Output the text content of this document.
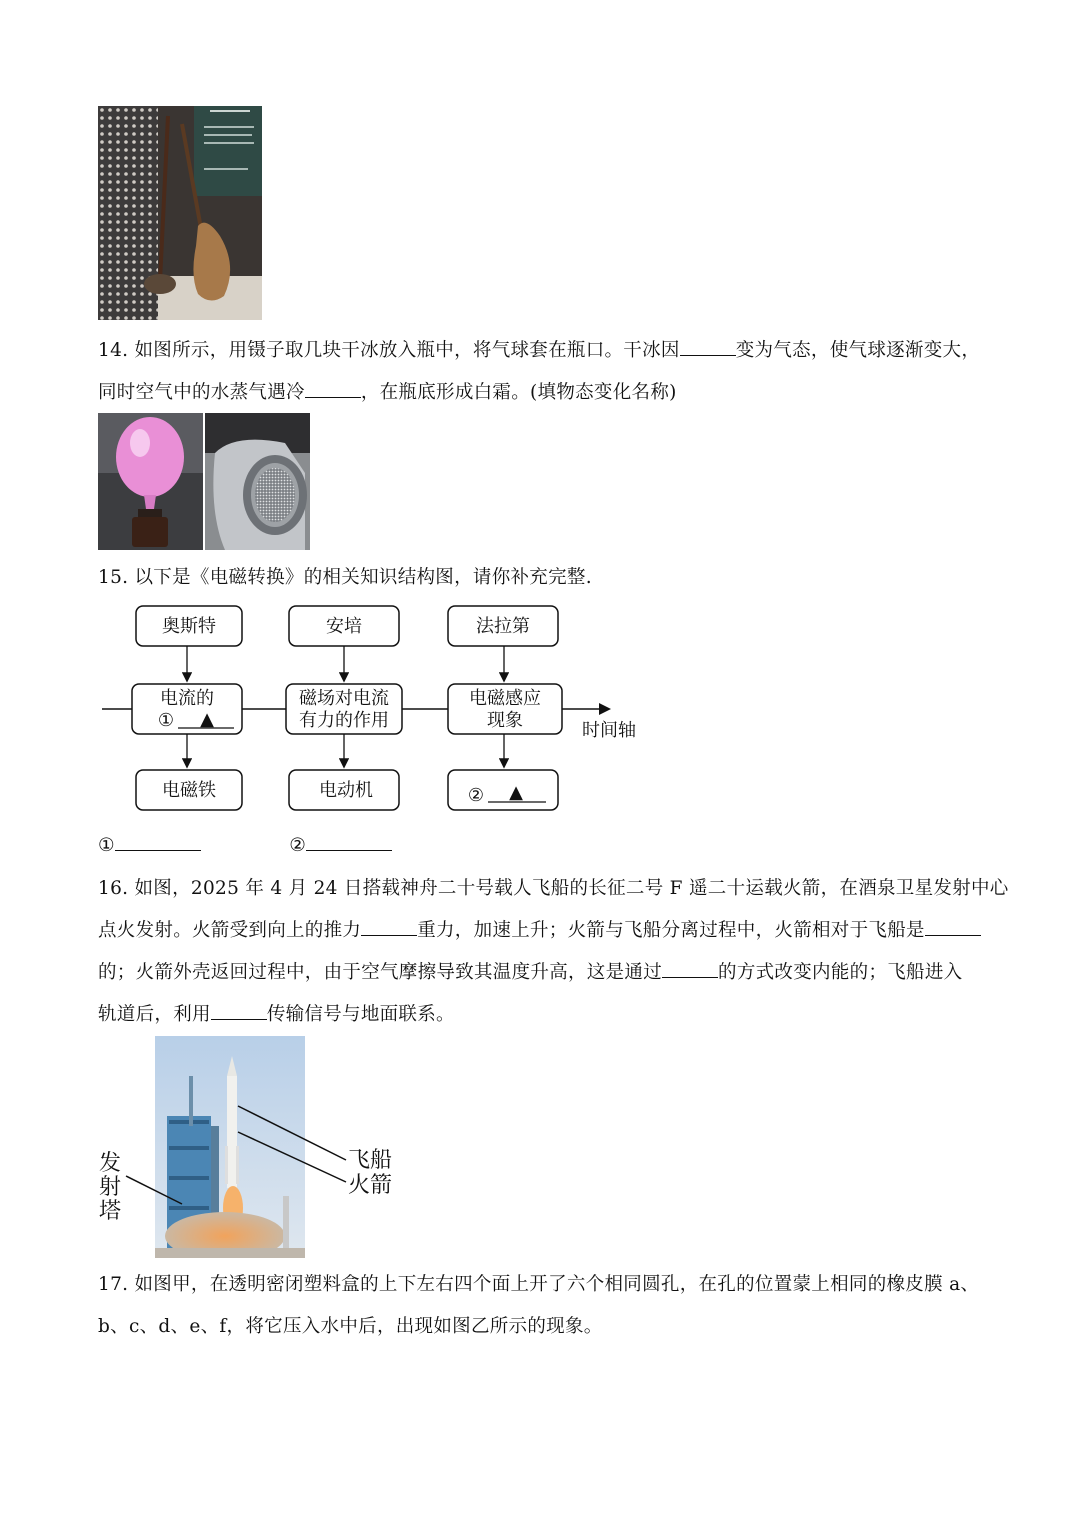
14. 如图所示，用镊子取几块干冰放入瓶中，将气球套在瓶口。干冰因	变为气态，使气球逐渐变大，
同时空气中的水蒸气遇冷	，在瓶底形成白霜。(填物态变化名称)
15. 以下是《电磁转换》的相关知识结构图，请你补充完整.
时间轴
奥斯特	安培	法拉第
电流的
① ▲
磁场对电流
有力的作用
电磁感应
现象
电磁铁	电动机	② ▲
①	②
16. 如图，2025 年 4 月 24 日搭载神舟二十号载人飞船的长征二号 F 遥二十运载火箭，在酒泉卫星发射中心
点火发射。火箭受到向上的推力	重力，加速上升；火箭与飞船分离过程中，火箭相对于飞船是
的；火箭外壳返回过程中，由于空气摩擦导致其温度升高，这是通过	的方式改变内能的；飞船进入
轨道后，利用	传输信号与地面联系。
飞船
火箭
发
射
塔
17. 如图甲，在透明密闭塑料盒的上下左右四个面上开了六个相同圆孔，在孔的位置蒙上相同的橡皮膜 a、
b、c、d、e、f，将它压入水中后，出现如图乙所示的现象。
